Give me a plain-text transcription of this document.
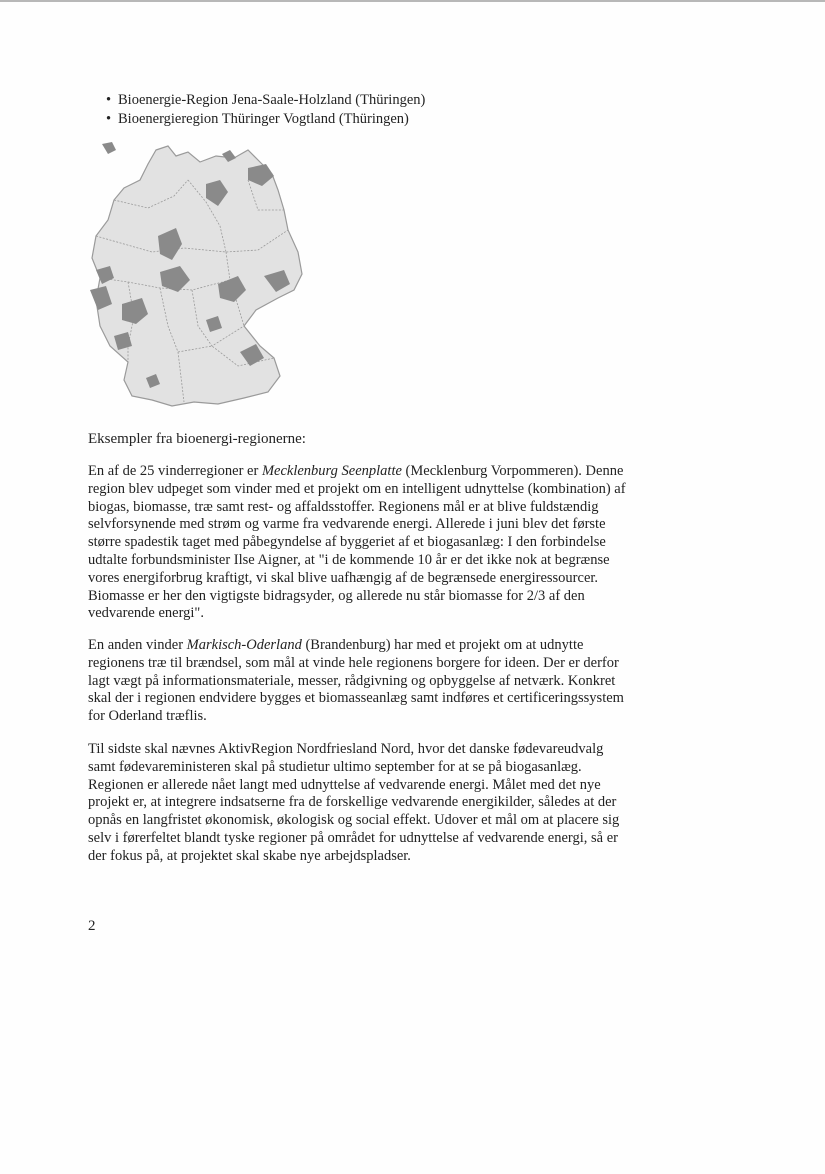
• Bioenergie-Region Jena-Saale-Holzland (Thüringen)
• Bioenergieregion Thüringer Vogtland (Thüringen)

Eksempler fra bioenergi-regionerne:

En af de 25 vinderregioner er Mecklenburg Seenplatte (Mecklenburg Vorpommeren). Denne region blev udpeget som vinder med et projekt om en intelligent udnyttelse (kombination) af biogas, biomasse, træ samt rest- og affaldsstoffer. Regionens mål er at blive fuldstændig selvforsynende med strøm og varme fra vedvarende energi. Allerede i juni blev det første større spadestik taget med påbegyndelse af byggeriet af et biogasanlæg: I den forbindelse udtalte forbundsminister Ilse Aigner, at "i de kommende 10 år er det ikke nok at begrænse vores energiforbrug kraftigt, vi skal blive uafhængig af de begrænsede energiressourcer. Biomasse er her den vigtigste bidragsyder, og allerede nu står biomasse for 2/3 af den vedvarende energi".

En anden vinder Markisch-Oderland (Brandenburg) har med et projekt om at udnytte regionens træ til brændsel, som mål at vinde hele regionens borgere for ideen. Der er derfor lagt vægt på informationsmateriale, messer, rådgivning og opbyggelse af netværk. Konkret skal der i regionen endvidere bygges et biomasseanlæg samt indføres et certificeringssystem for Oderland træflis.

Til sidste skal nævnes AktivRegion Nordfriesland Nord, hvor det danske fødevareudvalg samt fødevareministeren skal på studietur ultimo september for at se på biogasanlæg. Regionen er allerede nået langt med udnyttelse af vedvarende energi. Målet med det nye projekt er, at integrere indsatserne fra de forskellige vedvarende energikilder, således at der opnås en langfristet økonomisk, økologisk og social effekt. Udover et mål om at placere sig selv i førerfeltet blandt tyske regioner på området for udnyttelse af vedvarende energi, så er der fokus på, at projektet skal skabe nye arbejdspladser.

2
